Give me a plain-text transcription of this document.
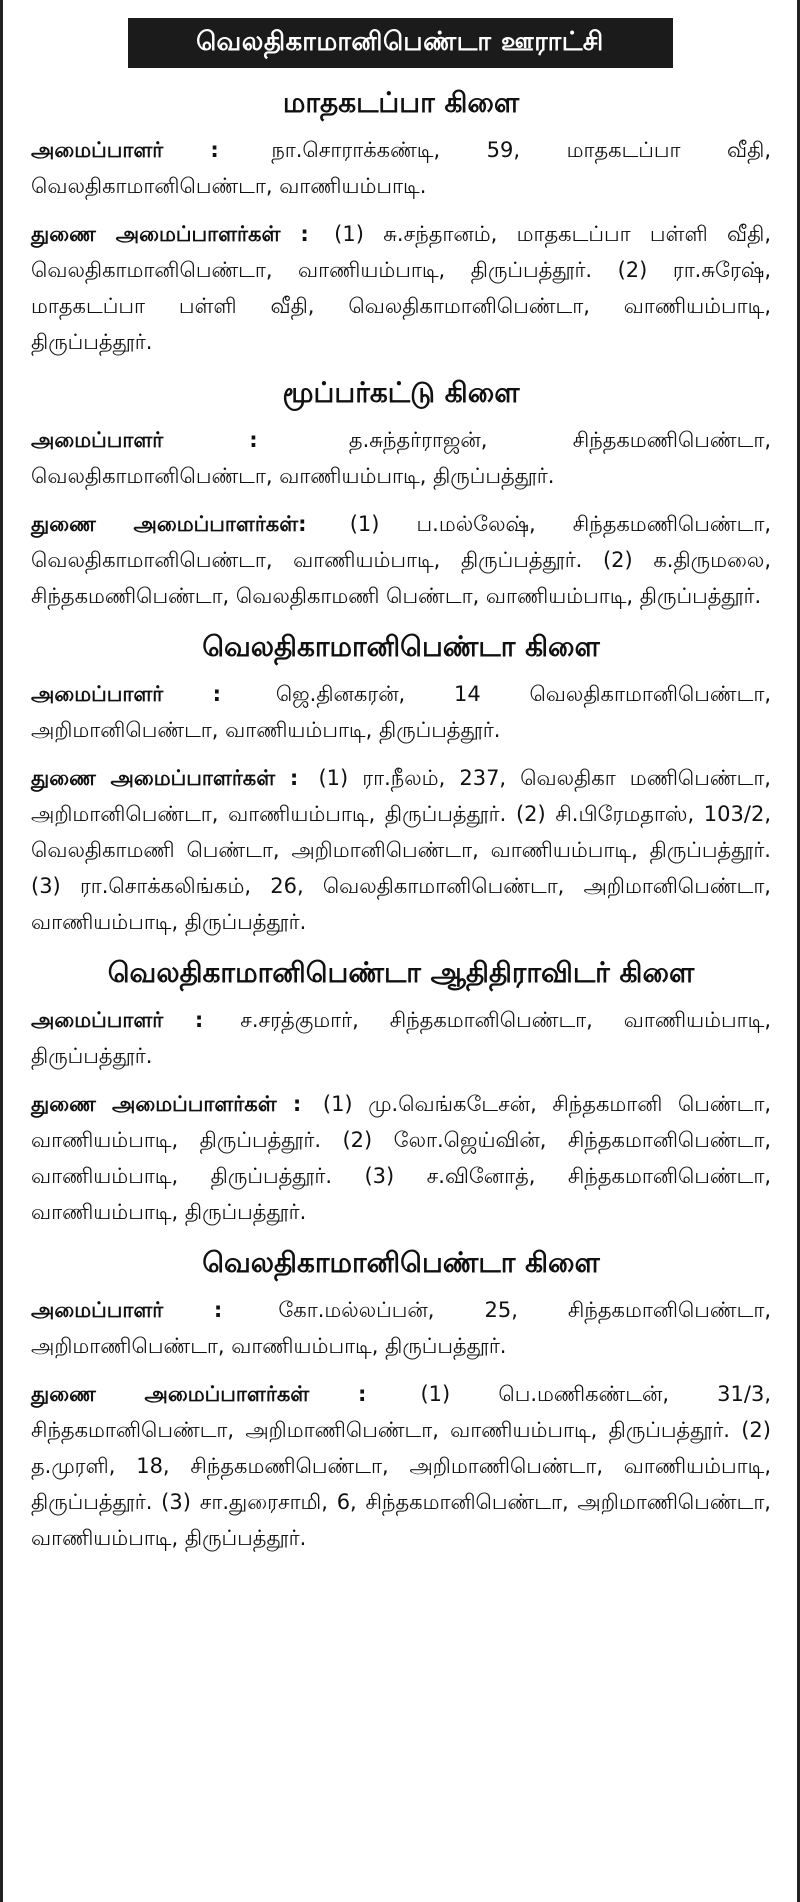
வெலதிகாமானிபெண்டா ஊராட்சி
மாதகடப்பா கிளை

அமைப்பாளர் :	நா.சொராக்கண்டி, 59, மாதகடப்பா வீதி, வெலதிகாமானிபெண்டா, வாணியம்பாடி.

துணை அமைப்பாளர்கள் : (1) சு.சந்தானம், மாதகடப்பா பள்ளி வீதி, வெலதிகாமானிபெண்டா, வாணியம்பாடி, திருப்பத்தூர். (2) ரா.சுரேஷ், மாதகடப்பா பள்ளி வீதி, வெலதிகாமானிபெண்டா, வாணியம்பாடி, திருப்பத்தூர்.

மூப்பர்கட்டு கிளை

அமைப்பாளர் :	த.சுந்தர்ராஜன், சிந்தகமணிபெண்டா, வெலதிகாமானிபெண்டா, வாணியம்பாடி, திருப்பத்தூர்.

துணை அமைப்பாளர்கள்: (1) ப.மல்லேஷ், சிந்தகமணிபெண்டா, வெலதிகாமானிபெண்டா, வாணியம்பாடி, திருப்பத்தூர். (2) க.திருமலை, சிந்தகமணிபெண்டா, வெலதிகாமணி பெண்டா, வாணியம்பாடி, திருப்பத்தூர்.

வெலதிகாமானிபெண்டா கிளை

அமைப்பாளர் :	ஜெ.தினகரன், 14 வெலதிகாமானிபெண்டா, அறிமானிபெண்டா, வாணியம்பாடி, திருப்பத்தூர்.

துணை அமைப்பாளர்கள் : (1) ரா.நீலம், 237, வெலதிகா மணிபெண்டா, அறிமானிபெண்டா, வாணியம்பாடி, திருப்பத்தூர். (2) சி.பிரேமதாஸ், 103/2, வெலதிகாமணி பெண்டா, அறிமானிபெண்டா, வாணியம்பாடி, திருப்பத்தூர். (3) ரா.சொக்கலிங்கம், 26, வெலதிகாமானிபெண்டா, அறிமானிபெண்டா, வாணியம்பாடி, திருப்பத்தூர்.

வெலதிகாமானிபெண்டா ஆதிதிராவிடர் கிளை

அமைப்பாளர் : ச.சரத்குமார், சிந்தகமானிபெண்டா, வாணியம்பாடி, திருப்பத்தூர்.

துணை அமைப்பாளர்கள் : (1) மு.வெங்கடேசன், சிந்தகமானி பெண்டா, வாணியம்பாடி, திருப்பத்தூர். (2) லோ.ஜெய்வின், சிந்தகமானிபெண்டா, வாணியம்பாடி, திருப்பத்தூர். (3) ச.வினோத், சிந்தகமானிபெண்டா, வாணியம்பாடி, திருப்பத்தூர்.

வெலதிகாமானிபெண்டா கிளை

அமைப்பாளர் :	கோ.மல்லப்பன், 25, சிந்தகமானிபெண்டா, அறிமாணிபெண்டா, வாணியம்பாடி, திருப்பத்தூர்.

துணை அமைப்பாளர்கள் :	(1) பெ.மணிகண்டன், 31/3, சிந்தகமானிபெண்டா, அறிமாணிபெண்டா, வாணியம்பாடி, திருப்பத்தூர். (2) த.முரளி, 18, சிந்தகமணிபெண்டா, அறிமாணிபெண்டா, வாணியம்பாடி, திருப்பத்தூர். (3) சா.துரைசாமி, 6, சிந்தகமானிபெண்டா, அறிமாணிபெண்டா, வாணியம்பாடி, திருப்பத்தூர்.
